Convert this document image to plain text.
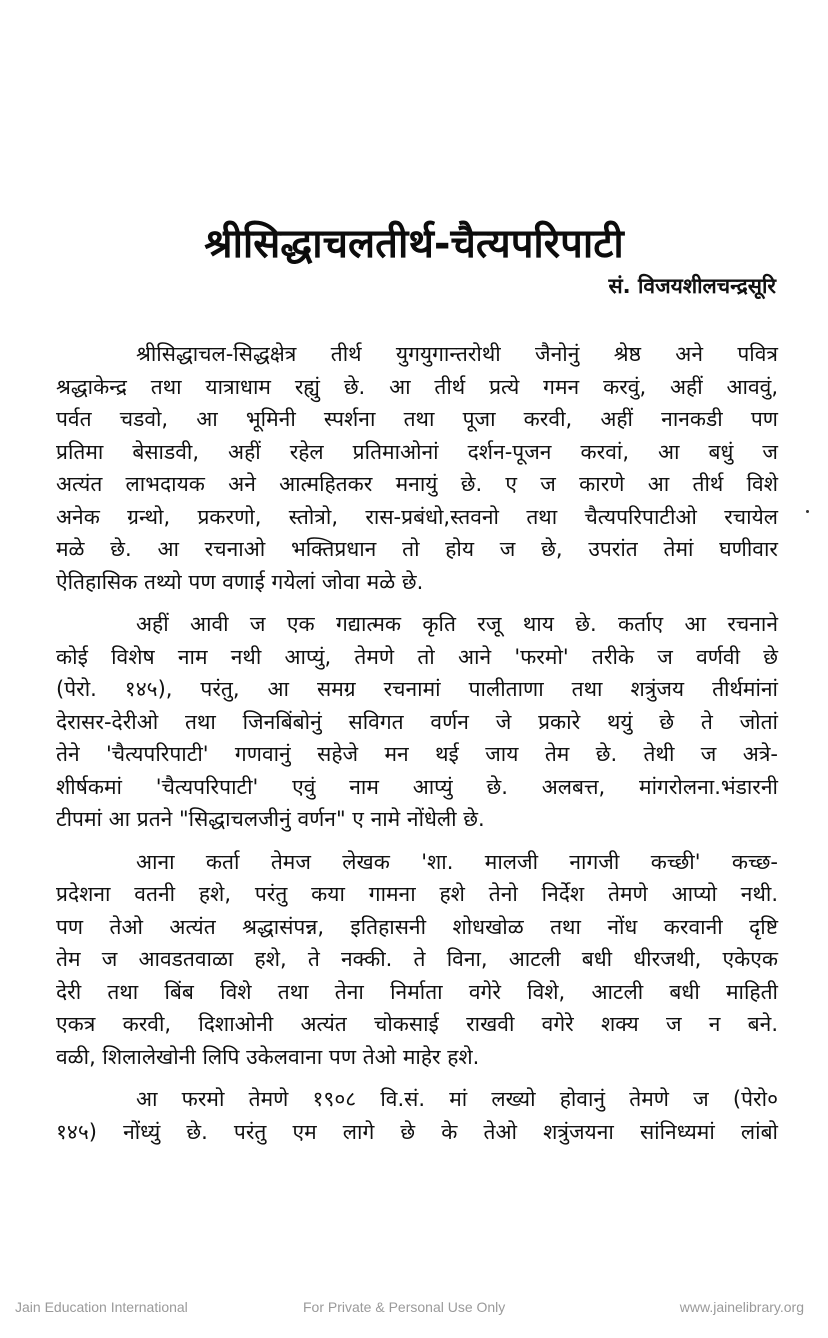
श्रीसिद्धाचलतीर्थ-चैत्यपरिपाटी
सं. विजयशीलचन्द्रसूरि
श्रीसिद्धाचल-सिद्धक्षेत्र तीर्थ युगयुगान्तरोथी जैनोनुं श्रेष्ठ अने पवित्र
श्रद्धाकेन्द्र तथा यात्राधाम रह्युं छे. आ तीर्थ प्रत्ये गमन करवुं, अहीं आववुं,
पर्वत चडवो, आ भूमिनी स्पर्शना तथा पूजा करवी, अहीं नानकडी पण
प्रतिमा बेसाडवी, अहीं रहेल प्रतिमाओनां दर्शन-पूजन करवां, आ बधुं ज
अत्यंत लाभदायक अने आत्महितकर मनायुं छे. ए ज कारणे आ तीर्थ विशे
अनेक ग्रन्थो, प्रकरणो, स्तोत्रो, रास-प्रबंधो,स्तवनो तथा चैत्यपरिपाटीओ रचायेल
मळे छे. आ रचनाओ भक्तिप्रधान तो होय ज छे, उपरांत तेमां घणीवार
ऐतिहासिक तथ्यो पण वणाई गयेलां जोवा मळे छे.
अहीं आवी ज एक गद्यात्मक कृति रजू थाय छे. कर्ताए आ रचनाने
कोई विशेष नाम नथी आप्युं, तेमणे तो आने 'फरमो' तरीके ज वर्णवी छे
(पेरो. १४५), परंतु, आ समग्र रचनामां पालीताणा तथा शत्रुंजय तीर्थमांनां
देरासर-देरीओ तथा जिनबिंबोनुं सविगत वर्णन जे प्रकारे थयुं छे ते जोतां
तेने 'चैत्यपरिपाटी' गणवानुं सहेजे मन थई जाय तेम छे. तेथी ज अत्रे-
शीर्षकमां 'चैत्यपरिपाटी' एवुं नाम आप्युं छे. अलबत्त, मांगरोलना.भंडारनी
टीपमां आ प्रतने "सिद्धाचलजीनुं वर्णन" ए नामे नोंधेली छे.
आना कर्ता तेमज लेखक 'शा. मालजी नागजी कच्छी' कच्छ-
प्रदेशना वतनी हशे, परंतु कया गामना हशे तेनो निर्देश तेमणे आप्यो नथी.
पण तेओ अत्यंत श्रद्धासंपन्न, इतिहासनी शोधखोळ तथा नोंध करवानी दृष्टि
तेम ज आवडतवाळा हशे, ते नक्की. ते विना, आटली बधी धीरजथी, एकेएक
देरी तथा बिंब विशे तथा तेना निर्माता वगेरे विशे, आटली बधी माहिती
एकत्र करवी, दिशाओनी अत्यंत चोकसाई राखवी वगेरे शक्य ज न बने.
वळी, शिलालेखोनी लिपि उकेलवाना पण तेओ माहेर हशे.
आ फरमो तेमणे १९०८ वि.सं. मां लख्यो होवानुं तेमणे ज (पेरो०
१४५) नोंध्युं छे. परंतु एम लागे छे के तेओ शत्रुंजयना सांनिध्यमां लांबो
Jain Education International	For Private & Personal Use Only	www.jainelibrary.org
